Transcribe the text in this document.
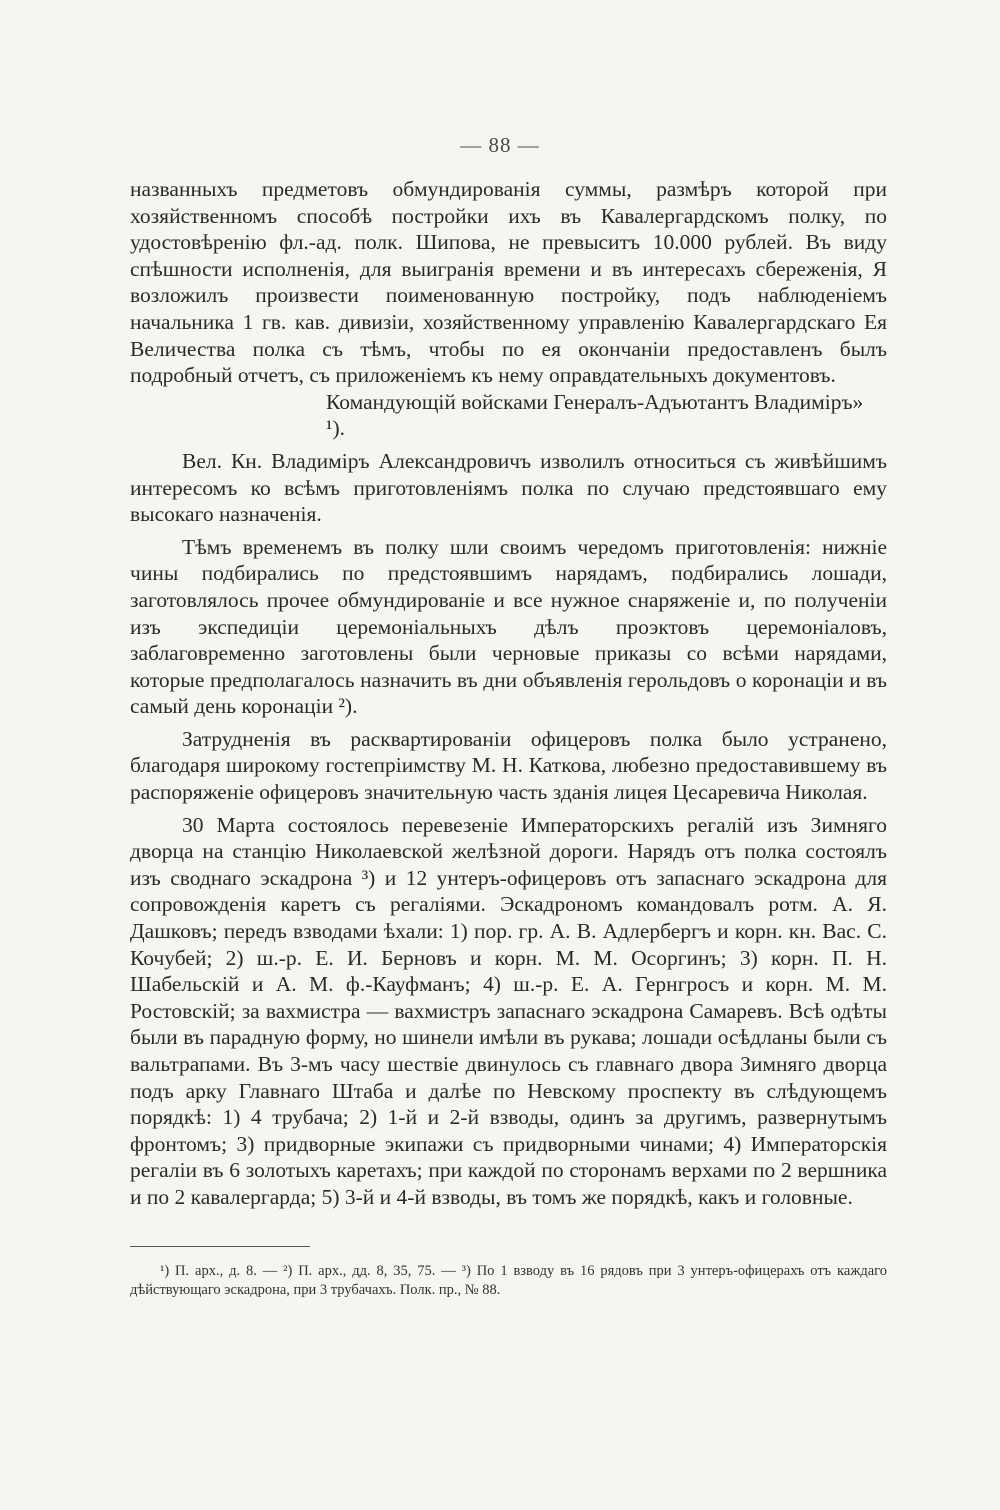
— 88 —

названныхъ предметовъ обмундированія суммы, размѣръ которой при хозяйственномъ способѣ постройки ихъ въ Кавалергардскомъ полку, по удостовѣренію фл.-ад. полк. Шипова, не превыситъ 10.000 рублей. Въ виду спѣшности исполненія, для выигранія времени и въ интересахъ сбереженія, Я возложилъ произвести поименованную постройку, подъ наблюденіемъ начальника 1 гв. кав. дивизіи, хозяйственному управленію Кавалергардскаго Ея Величества полка съ тѣмъ, чтобы по ея окончаніи предоставленъ былъ подробный отчетъ, съ приложеніемъ къ нему оправдательныхъ документовъ.

Командующій войсками Генералъ-Адъютантъ Владиміръ» ¹).

Вел. Кн. Владиміръ Александровичъ изволилъ относиться съ живѣйшимъ интересомъ ко всѣмъ приготовленіямъ полка по случаю предстоявшаго ему высокаго назначенія.

Тѣмъ временемъ въ полку шли своимъ чередомъ приготовленія: нижніе чины подбирались по предстоявшимъ нарядамъ, подбирались лошади, заготовлялось прочее обмундированіе и все нужное снаряженіе и, по полученіи изъ экспедиціи церемоніальныхъ дѣлъ проэктовъ церемоніаловъ, заблаговременно заготовлены были черновые приказы со всѣми нарядами, которые предполагалось назначить въ дни объявленія герольдовъ о коронаціи и въ самый день коронаціи ²).

Затрудненія въ расквартированіи офицеровъ полка было устранено, благодаря широкому гостепріимству М. Н. Каткова, любезно предоставившему въ распоряженіе офицеровъ значительную часть зданія лицея Цесаревича Николая.

30 Марта состоялось перевезеніе Императорскихъ регалій изъ Зимняго дворца на станцію Николаевской желѣзной дороги. Нарядъ отъ полка состоялъ изъ своднаго эскадрона ³) и 12 унтеръ-офицеровъ отъ запаснаго эскадрона для сопровожденія каретъ съ регаліями. Эскадрономъ командовалъ ротм. А. Я. Дашковъ; передъ взводами ѣхали: 1) пор. гр. А. В. Адлербергъ и корн. кн. Вас. С. Кочубей; 2) ш.-р. Е. И. Берновъ и корн. М. М. Осоргинъ; 3) корн. П. Н. Шабельскій и А. М. ф.-Кауфманъ; 4) ш.-р. Е. А. Гернгросъ и корн. М. М. Ростовскій; за вахмистра — вахмистръ запаснаго эскадрона Самаревъ. Всѣ одѣты были въ парадную форму, но шинели имѣли въ рукава; лошади осѣдланы были съ вальтрапами. Въ 3-мъ часу шествіе двинулось съ главнаго двора Зимняго дворца подъ арку Главнаго Штаба и далѣе по Невскому проспекту въ слѣдующемъ порядкѣ: 1) 4 трубача; 2) 1-й и 2-й взводы, одинъ за другимъ, развернутымъ фронтомъ; 3) придворные экипажи съ придворными чинами; 4) Императорскія регаліи въ 6 золотыхъ каретахъ; при каждой по сторонамъ верхами по 2 вершника и по 2 кавалергарда; 5) 3-й и 4-й взводы, въ томъ же порядкѣ, какъ и головные.

¹) П. арх., д. 8. — ²) П. арх., дд. 8, 35, 75. — ³) По 1 взводу въ 16 рядовъ при 3 унтеръ-офицерахъ отъ каждаго дѣйствующаго эскадрона, при 3 трубачахъ. Полк. пр., № 88.
